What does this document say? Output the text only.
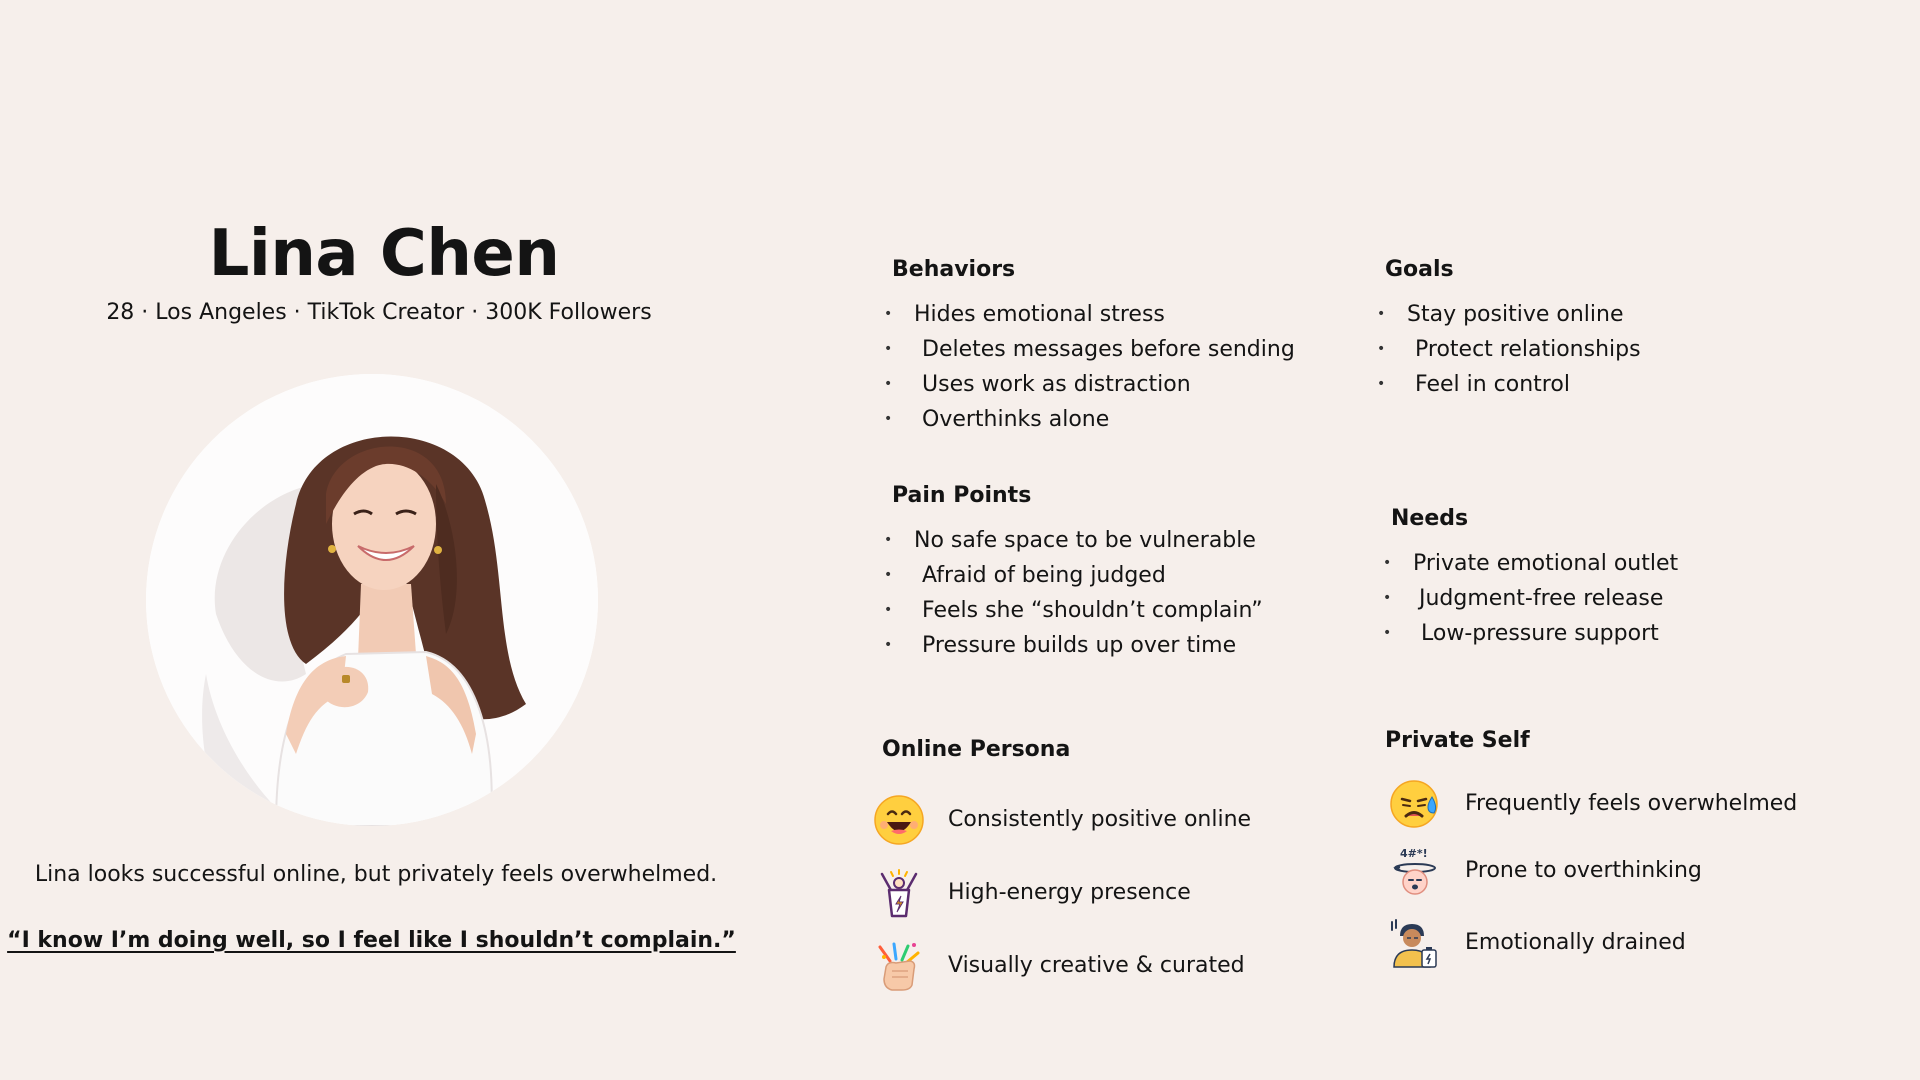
Lina Chen
28 · Los Angeles · TikTok Creator · 300K Followers
Lina looks successful online, but privately feels overwhelmed.
“I know I’m doing well, so I feel like I shouldn’t complain.”
Behaviors
• Hides emotional stress
• Deletes messages before sending
• Uses work as distraction
• Overthinks alone
Goals
• Stay positive online
• Protect relationships
• Feel in control
Pain Points
• No safe space to be vulnerable
• Afraid of being judged
• Feels she “shouldn’t complain”
• Pressure builds up over time
Needs
• Private emotional outlet
• Judgment-free release
• Low-pressure support
Online Persona
Consistently positive online
High-energy presence
Visually creative & curated
Private Self
Frequently feels overwhelmed
4#*!
Prone to overthinking
Emotionally drained
